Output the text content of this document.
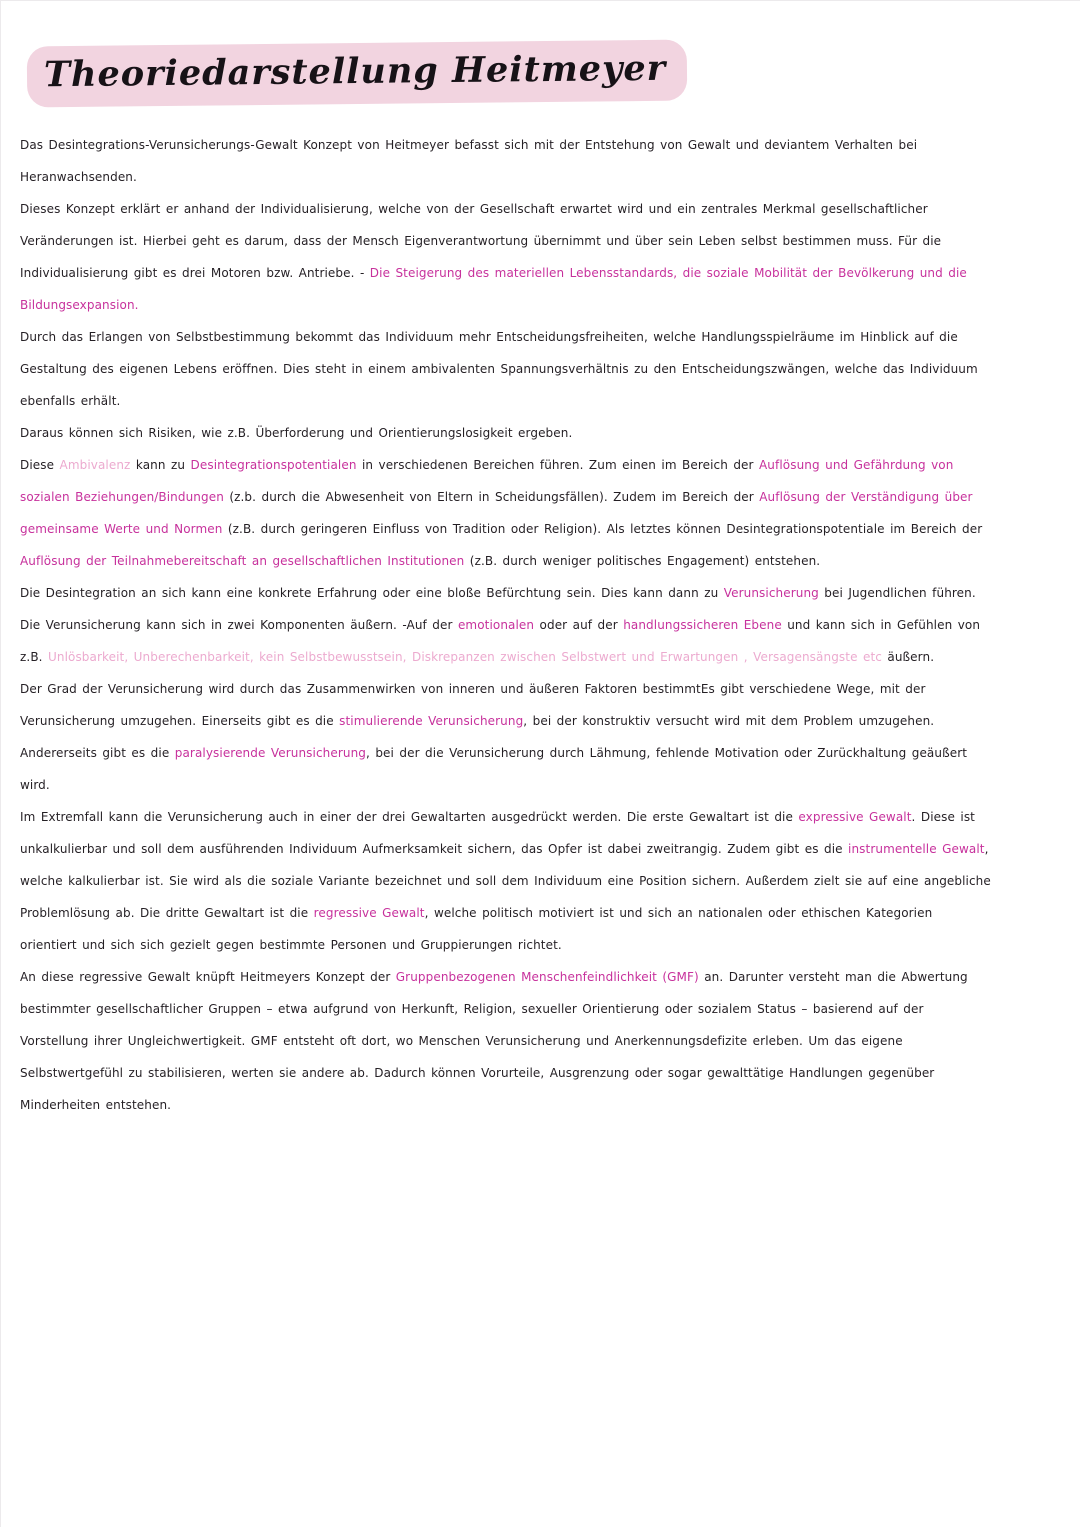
Theoriedarstellung Heitmeyer
Das Desintegrations-Verunsicherungs-Gewalt Konzept von Heitmeyer befasst sich mit der Entstehung von Gewalt und deviantem Verhalten bei
Heranwachsenden.
Dieses Konzept erklärt er anhand der Individualisierung, welche von der Gesellschaft erwartet wird und ein zentrales Merkmal gesellschaftlicher
Veränderungen ist. Hierbei geht es darum, dass der Mensch Eigenverantwortung übernimmt und über sein Leben selbst bestimmen muss. Für die
Individualisierung gibt es drei Motoren bzw. Antriebe. - Die Steigerung des materiellen Lebensstandards, die soziale Mobilität der Bevölkerung und die
Bildungsexpansion.
Durch das Erlangen von Selbstbestimmung bekommt das Individuum mehr Entscheidungsfreiheiten, welche Handlungsspielräume im Hinblick auf die
Gestaltung des eigenen Lebens eröffnen. Dies steht in einem ambivalenten Spannungsverhältnis zu den Entscheidungszwängen, welche das Individuum
ebenfalls erhält.
Daraus können sich Risiken, wie z.B. Überforderung und Orientierungslosigkeit ergeben.
Diese Ambivalenz kann zu Desintegrationspotentialen in verschiedenen Bereichen führen. Zum einen im Bereich der Auflösung und Gefährdung von
sozialen Beziehungen/Bindungen (z.b. durch die Abwesenheit von Eltern in Scheidungsfällen). Zudem im Bereich der Auflösung der Verständigung über
gemeinsame Werte und Normen (z.B. durch geringeren Einfluss von Tradition oder Religion). Als letztes können Desintegrationspotentiale im Bereich der
Auflösung der Teilnahmebereitschaft an gesellschaftlichen Institutionen (z.B. durch weniger politisches Engagement) entstehen.
Die Desintegration an sich kann eine konkrete Erfahrung oder eine bloße Befürchtung sein. Dies kann dann zu Verunsicherung bei Jugendlichen führen.
Die Verunsicherung kann sich in zwei Komponenten äußern. -Auf der emotionalen oder auf der handlungssicheren Ebene und kann sich in Gefühlen von
z.B. Unlösbarkeit, Unberechenbarkeit, kein Selbstbewusstsein, Diskrepanzen zwischen Selbstwert und Erwartungen , Versagensängste etc äußern.
Der Grad der Verunsicherung wird durch das Zusammenwirken von inneren und äußeren Faktoren bestimmtEs gibt verschiedene Wege, mit der
Verunsicherung umzugehen. Einerseits gibt es die stimulierende Verunsicherung, bei der konstruktiv versucht wird mit dem Problem umzugehen.
Andererseits gibt es die paralysierende Verunsicherung, bei der die Verunsicherung durch Lähmung, fehlende Motivation oder Zurückhaltung geäußert
wird.
Im Extremfall kann die Verunsicherung auch in einer der drei Gewaltarten ausgedrückt werden. Die erste Gewaltart ist die expressive Gewalt. Diese ist
unkalkulierbar und soll dem ausführenden Individuum Aufmerksamkeit sichern, das Opfer ist dabei zweitrangig. Zudem gibt es die instrumentelle Gewalt,
welche kalkulierbar ist. Sie wird als die soziale Variante bezeichnet und soll dem Individuum eine Position sichern. Außerdem zielt sie auf eine angebliche
Problemlösung ab. Die dritte Gewaltart ist die regressive Gewalt, welche politisch motiviert ist und sich an nationalen oder ethischen Kategorien
orientiert und sich sich gezielt gegen bestimmte Personen und Gruppierungen richtet.
An diese regressive Gewalt knüpft Heitmeyers Konzept der Gruppenbezogenen Menschenfeindlichkeit (GMF) an. Darunter versteht man die Abwertung
bestimmter gesellschaftlicher Gruppen – etwa aufgrund von Herkunft, Religion, sexueller Orientierung oder sozialem Status – basierend auf der
Vorstellung ihrer Ungleichwertigkeit. GMF entsteht oft dort, wo Menschen Verunsicherung und Anerkennungsdefizite erleben. Um das eigene
Selbstwertgefühl zu stabilisieren, werten sie andere ab. Dadurch können Vorurteile, Ausgrenzung oder sogar gewalttätige Handlungen gegenüber
Minderheiten entstehen.
